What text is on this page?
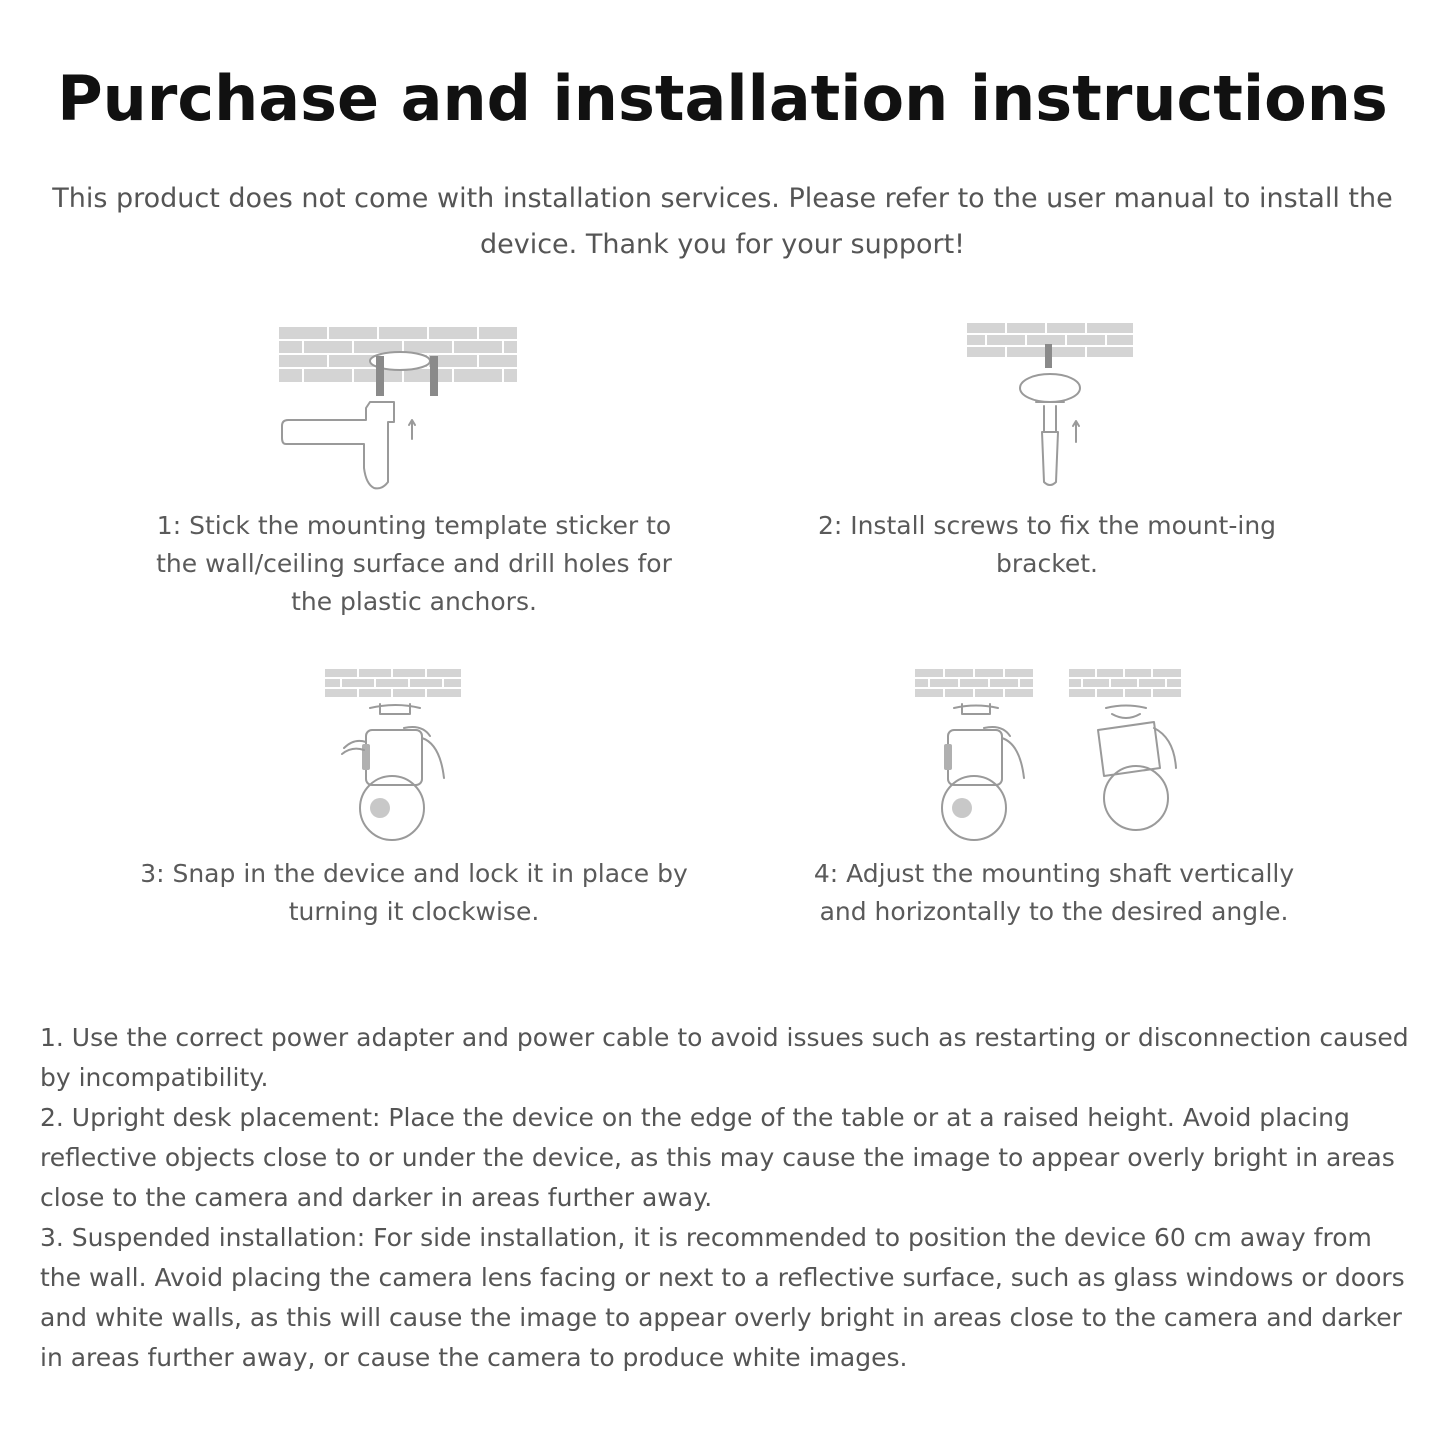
Purchase and installation instructions
This product does not come with installation services. Please refer to the user manual to install the device. Thank you for your support!
1: Stick the mounting template sticker to the wall/ceiling surface and drill holes for the plastic anchors.
2: Install screws to fix the mount-ing bracket.
3: Snap in the device and lock it in place by turning it clockwise.
4: Adjust the mounting shaft vertically and horizontally to the desired angle.

1. Use the correct power adapter and power cable to avoid issues such as restarting or disconnection caused by incompatibility.

2. Upright desk placement: Place the device on the edge of the table or at a raised height. Avoid placing reflective objects close to or under the device, as this may cause the image to appear overly bright in areas close to the camera and darker in areas further away.

3. Suspended installation: For side installation, it is recommended to position the device 60 cm away from the wall. Avoid placing the camera lens facing or next to a reflective surface, such as glass windows or doors and white walls, as this will cause the image to appear overly bright in areas close to the camera and darker in areas further away, or cause the camera to produce white images.
